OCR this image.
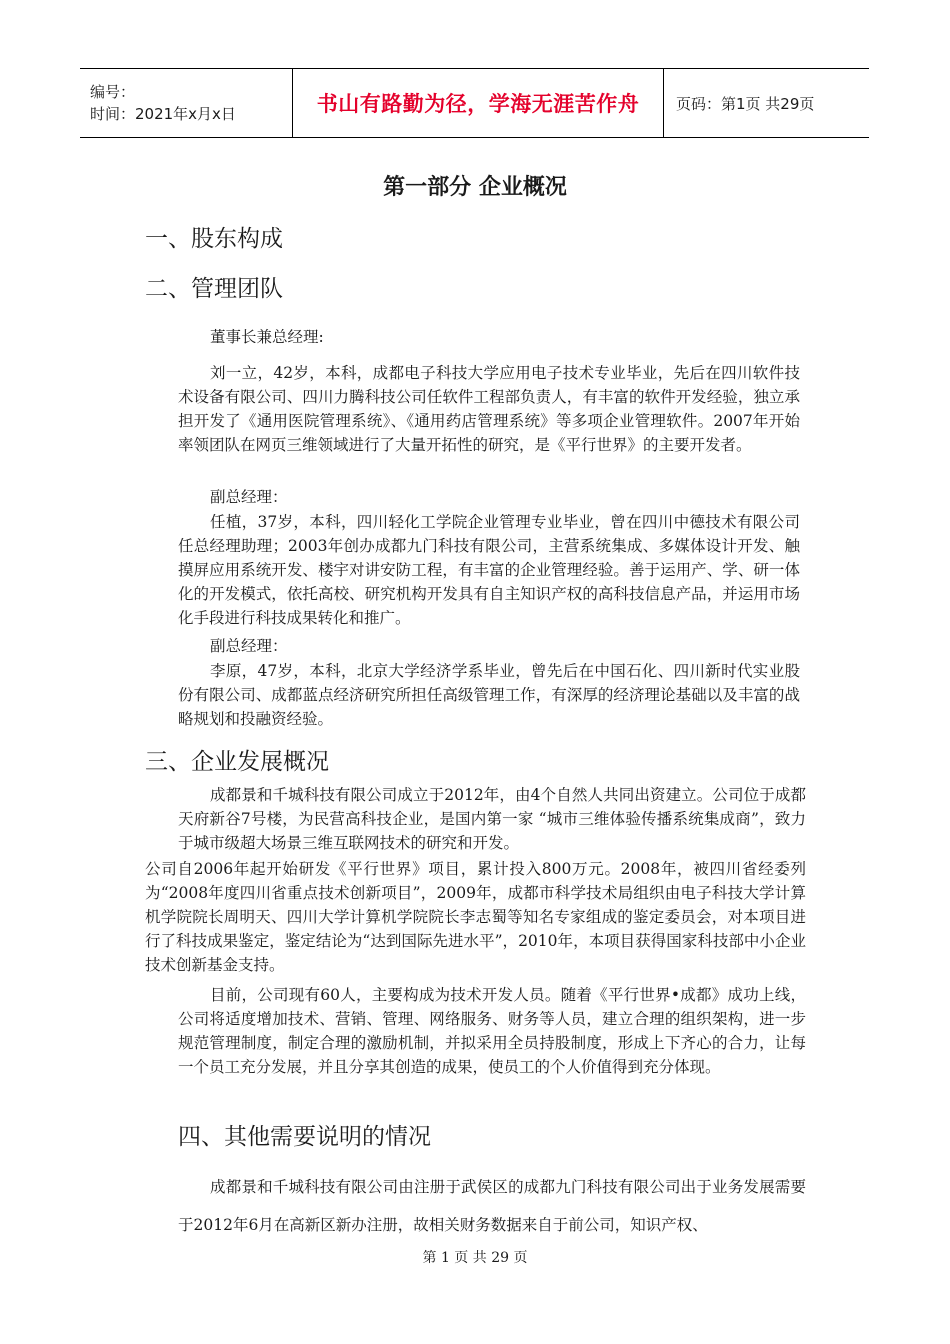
编号：
时间：2021年x月x日	书山有路勤为径，学海无涯苦作舟 页码：第1页 共29页
第一部分 企业概况
一、股东构成
二、管理团队

董事长兼总经理:

刘一立，42岁，本科，成都电子科技大学应用电子技术专业毕业，先后在四川软件技术设备有限公司、四川力腾科技公司任软件工程部负责人，有丰富的软件开发经验，独立承担开发了《通用医院管理系统》、《通用药店管理系统》等多项企业管理软件。2007年开始率领团队在网页三维领域进行了大量开拓性的研究，是《平行世界》的主要开发者。

副总经理：

任植，37岁，本科，四川轻化工学院企业管理专业毕业，曾在四川中德技术有限公司任总经理助理；2003年创办成都九门科技有限公司，主营系统集成、多媒体设计开发、触摸屏应用系统开发、楼宇对讲安防工程，有丰富的企业管理经验。善于运用产、学、研一体化的开发模式，依托高校、研究机构开发具有自主知识产权的高科技信息产品，并运用市场化手段进行科技成果转化和推广。

副总经理：

李原，47岁，本科，北京大学经济学系毕业，曾先后在中国石化、四川新时代实业股份有限公司、成都蓝点经济研究所担任高级管理工作，有深厚的经济理论基础以及丰富的战略规划和投融资经验。

三、企业发展概况

成都景和千城科技有限公司成立于2012年，由4个自然人共同出资建立。公司位于成都天府新谷7号楼，为民营高科技企业，是国内第一家 “城市三维体验传播系统集成商”，致力于城市级超大场景三维互联网技术的研究和开发。

公司自2006年起开始研发《平行世界》项目，累计投入800万元。2008年，被四川省经委列为“2008年度四川省重点技术创新项目”，2009年，成都市科学技术局组织由电子科技大学计算机学院院长周明天、四川大学计算机学院院长李志蜀等知名专家组成的鉴定委员会，对本项目进行了科技成果鉴定，鉴定结论为“达到国际先进水平”，2010年，本项目获得国家科技部中小企业技术创新基金支持。

目前，公司现有60人，主要构成为技术开发人员。随着《平行世界•成都》成功上线，公司将适度增加技术、营销、管理、网络服务、财务等人员，建立合理的组织架构，进一步规范管理制度，制定合理的激励机制，并拟采用全员持股制度，形成上下齐心的合力，让每一个员工充分发展，并且分享其创造的成果，使员工的个人价值得到充分体现。

四、其他需要说明的情况

成都景和千城科技有限公司由注册于武侯区的成都九门科技有限公司出于业务发展需要于2012年6月在高新区新办注册，故相关财务数据来自于前公司，知识产权、

第 1 页 共 29 页
